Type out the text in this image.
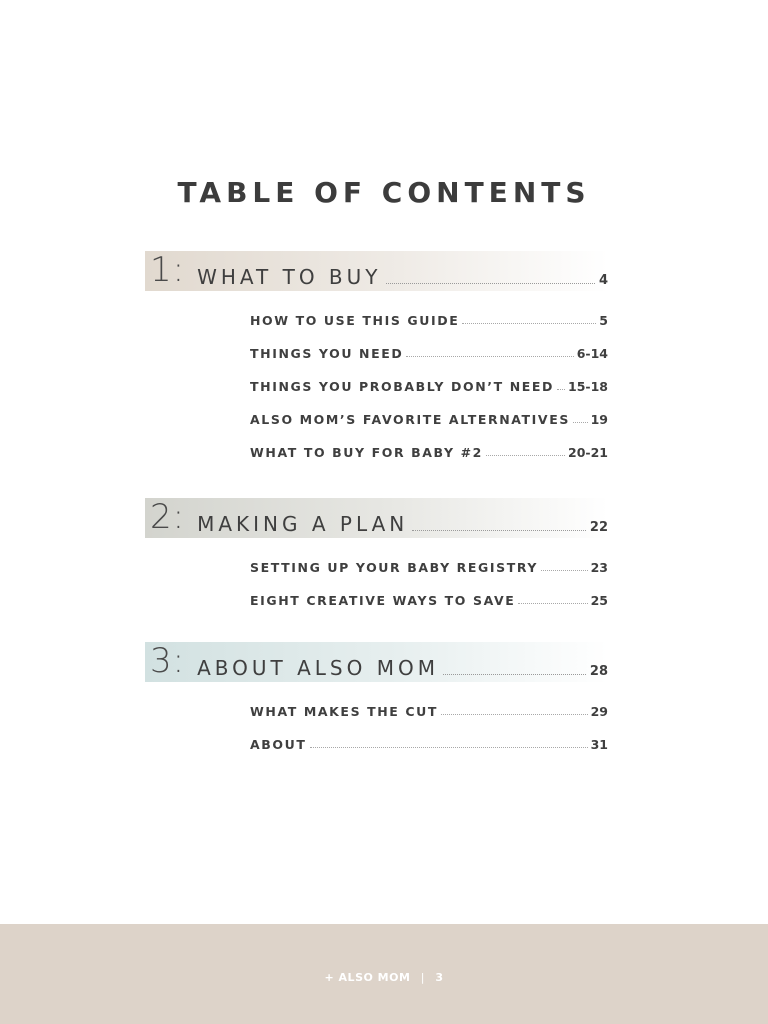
TABLE OF CONTENTS
1: WHAT TO BUY	4
HOW TO USE THIS GUIDE	5
THINGS YOU NEED	6-14
THINGS YOU PROBABLY DON’T NEED 15-18
ALSO MOM’S FAVORITE ALTERNATIVES 19
WHAT TO BUY FOR BABY #2	20-21
2: MAKING A PLAN	22
SETTING UP YOUR BABY REGISTRY	23
EIGHT CREATIVE WAYS TO SAVE	25
3: ABOUT ALSO MOM	28
WHAT MAKES THE CUT	29
ABOUT	31
+ ALSO MOM | 3
